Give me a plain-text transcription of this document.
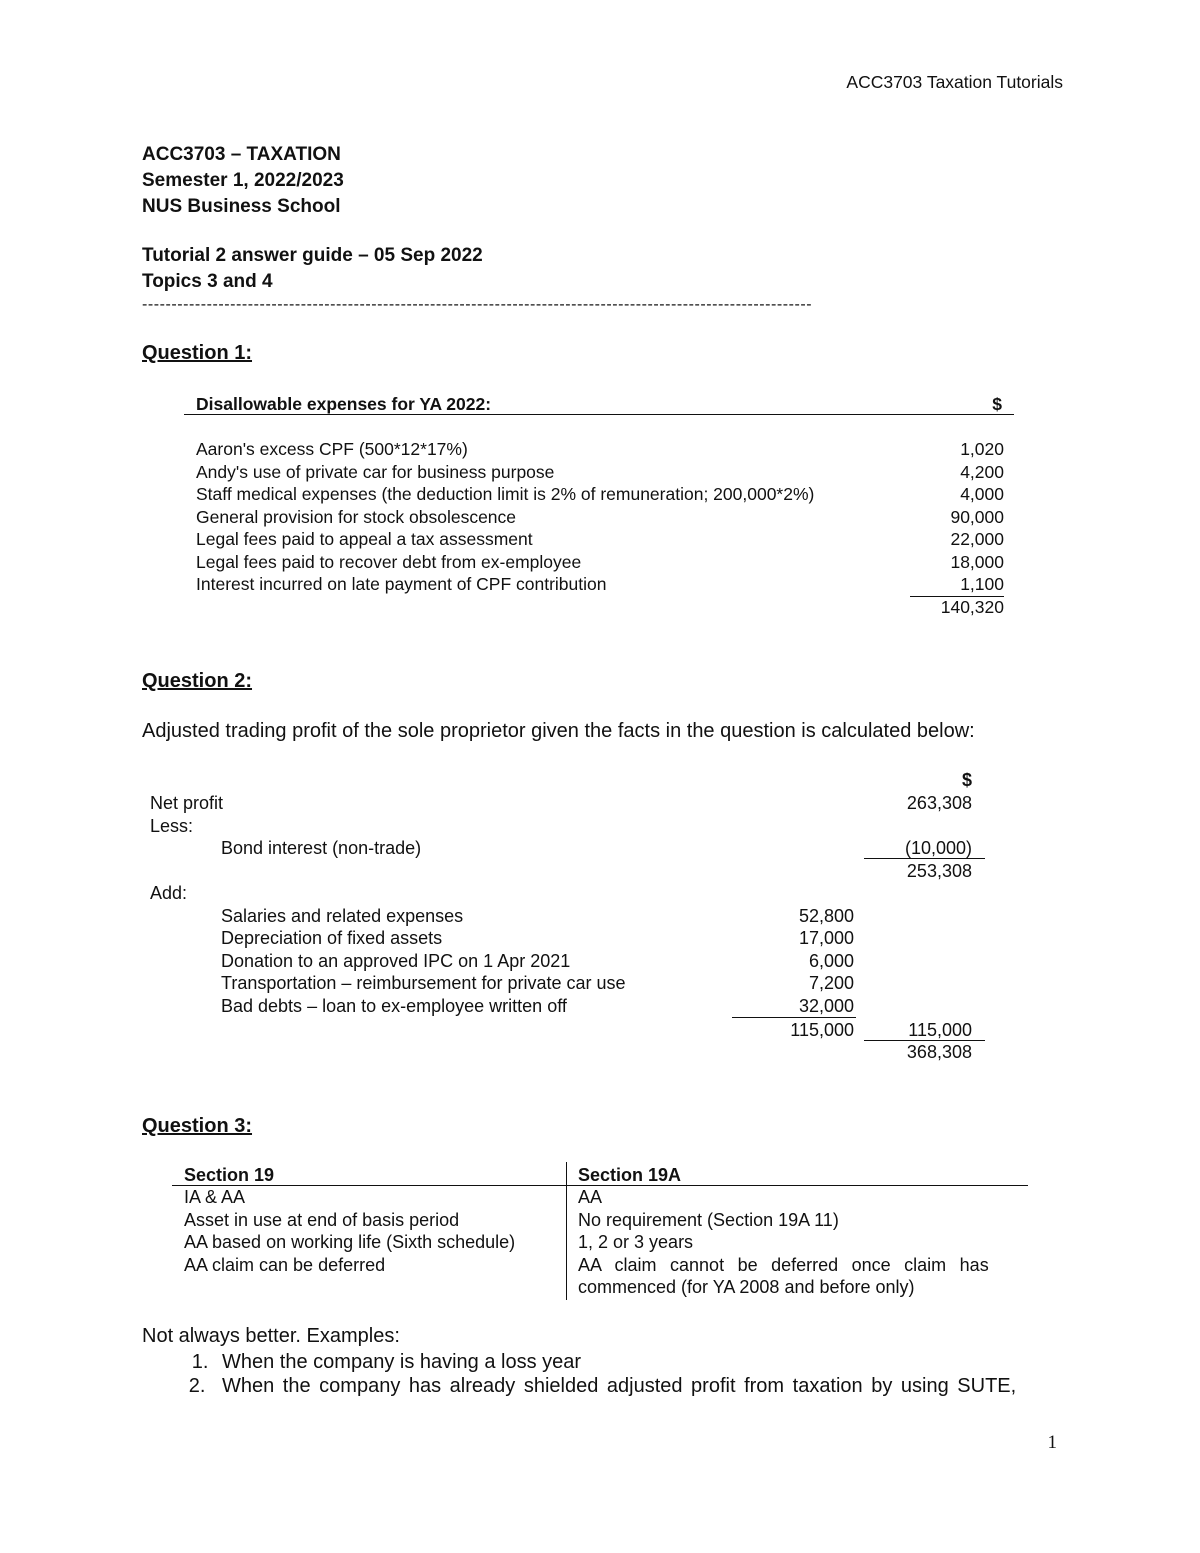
ACC3703 Taxation Tutorials
ACC3703 – TAXATION
Semester 1, 2022/2023
NUS Business School
Tutorial 2 answer guide – 05 Sep 2022
Topics 3 and 4
------------------------------------------------------------------------------------------------------------------
Question 1:
Disallowable expenses for YA 2022:	$
Aaron's excess CPF (500*12*17%)	1,020
Andy's use of private car for business purpose	4,200
Staff medical expenses (the deduction limit is 2% of remuneration; 200,000*2%)	4,000
General provision for stock obsolescence	90,000
Legal fees paid to appeal a tax assessment	22,000
Legal fees paid to recover debt from ex-employee	18,000
Interest incurred on late payment of CPF contribution	1,100
140,320
Question 2:
Adjusted trading profit of the sole proprietor given the facts in the question is calculated below:
$
Net profit	263,308
Less:
Bond interest (non-trade)	(10,000)
253,308
Add:
Salaries and related expenses	52,800
Depreciation of fixed assets	17,000
Donation to an approved IPC on 1 Apr 2021	6,000
Transportation – reimbursement for private car use	7,200
Bad debts – loan to ex-employee written off	32,000
115,000	115,000
368,308
Question 3:
Section 19	Section 19A
IA & AA	AA
Asset in use at end of basis period	No requirement (Section 19A 11)
AA based on working life (Sixth schedule)	1, 2 or 3 years
AA claim can be deferred	AA claim cannot be deferred once claim has
commenced (for YA 2008 and before only)
Not always better. Examples:
1. When the company is having a loss year
2. When the company has already shielded adjusted profit from taxation by using SUTE,
1
